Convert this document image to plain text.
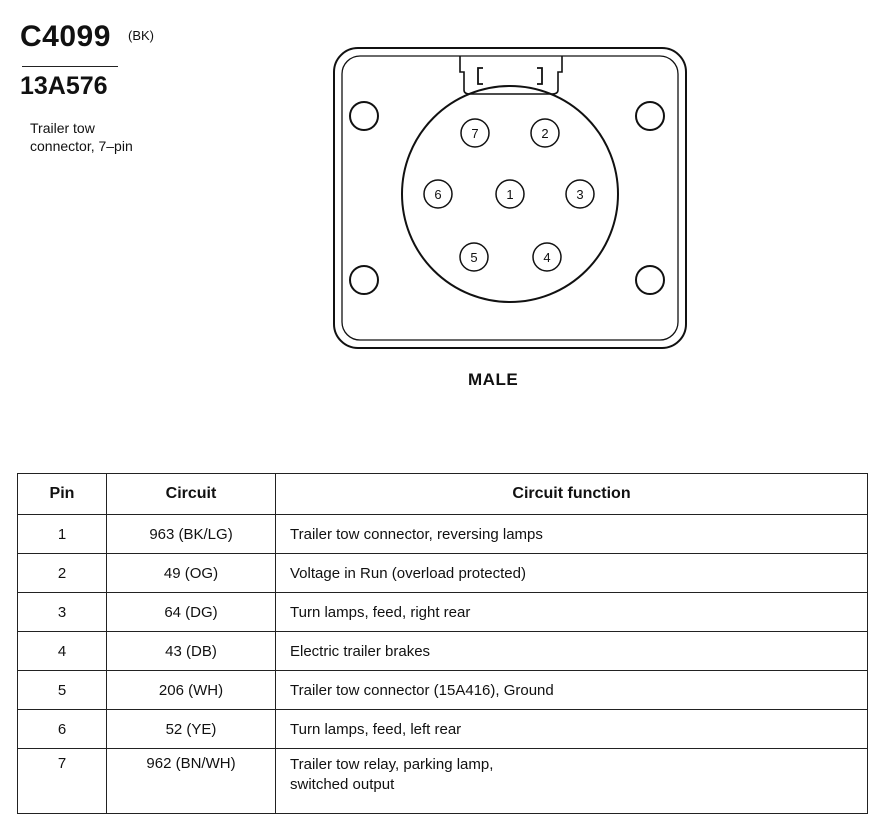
C4099 (BK)
13A576
Trailer tow
connector, 7–pin
1
2
3
4
5
6
7
MALE
Pin	Circuit	Circuit function
1	963 (BK/LG)	Trailer tow connector, reversing lamps
2	49 (OG)	Voltage in Run (overload protected)
3	64 (DG)	Turn lamps, feed, right rear
4	43 (DB)	Electric trailer brakes
5	206 (WH)	Trailer tow connector (15A416), Ground
6	52 (YE)	Turn lamps, feed, left rear
7	962 (BN/WH)	Trailer tow relay, parking lamp,
switched output
